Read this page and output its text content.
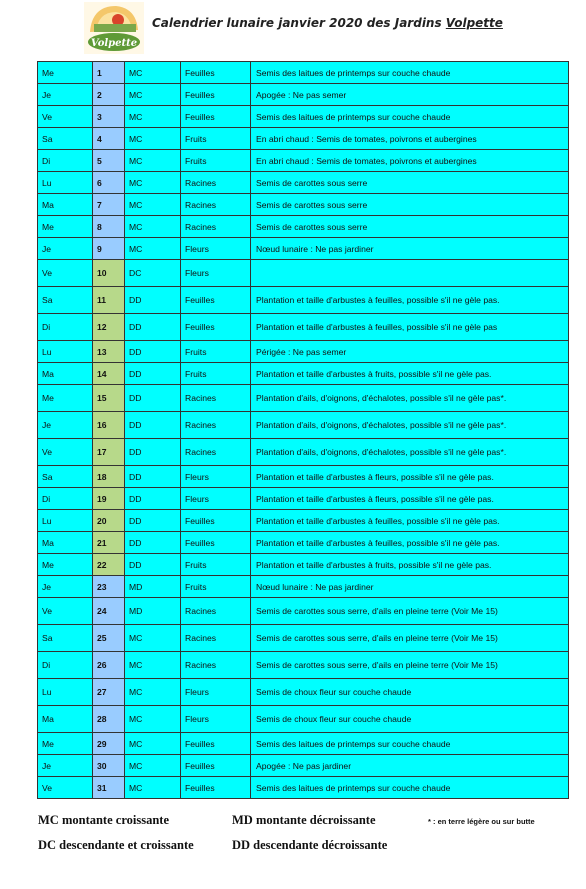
Volpette
Calendrier lunaire janvier 2020 des Jardins Volpette
Me	1	MC	Feuilles	Semis des laitues de printemps sur couche chaude
Je	2	MC	Feuilles	Apogée : Ne pas semer
Ve	3	MC	Feuilles	Semis des laitues de printemps sur couche chaude
Sa	4	MC	Fruits	En abri chaud : Semis de tomates, poivrons et aubergines
Di	5	MC	Fruits	En abri chaud : Semis de tomates, poivrons et aubergines
Lu	6	MC	Racines	Semis de carottes sous serre
Ma	7	MC	Racines	Semis de carottes sous serre
Me	8	MC	Racines	Semis de carottes sous serre
Je	9	MC	Fleurs	Nœud lunaire : Ne pas jardiner
Ve	10	DC	Fleurs	
Sa	11	DD	Feuilles	Plantation et taille d'arbustes à feuilles, possible s'il ne gèle pas.
Di	12	DD	Feuilles	Plantation et taille d'arbustes à feuilles, possible s'il ne gèle pas
Lu	13	DD	Fruits	Périgée : Ne pas semer
Ma	14	DD	Fruits	Plantation et taille d'arbustes à fruits, possible s'il ne gèle pas.
Me	15	DD	Racines	Plantation d'ails, d'oignons, d'échalotes, possible s'il ne gèle pas*.
Je	16	DD	Racines	Plantation d'ails, d'oignons, d'échalotes, possible s'il ne gèle pas*.
Ve	17	DD	Racines	Plantation d'ails, d'oignons, d'échalotes, possible s'il ne gèle pas*.
Sa	18	DD	Fleurs	Plantation et taille d'arbustes à fleurs, possible s'il ne gèle pas.
Di	19	DD	Fleurs	Plantation et taille d'arbustes à fleurs, possible s'il ne gèle pas.
Lu	20	DD	Feuilles	Plantation et taille d'arbustes à feuilles, possible s'il ne gèle pas.
Ma	21	DD	Feuilles	Plantation et taille d'arbustes à feuilles, possible s'il ne gèle pas.
Me	22	DD	Fruits	Plantation et taille d'arbustes à fruits, possible s'il ne gèle pas.
Je	23	MD	Fruits	Nœud lunaire : Ne pas jardiner
Ve	24	MD	Racines	Semis de carottes sous serre, d'ails en pleine terre (Voir Me 15)
Sa	25	MC	Racines	Semis de carottes sous serre, d'ails en pleine terre (Voir Me 15)
Di	26	MC	Racines	Semis de carottes sous serre, d'ails en pleine terre (Voir Me 15)
Lu	27	MC	Fleurs	Semis de choux fleur sur couche chaude
Ma	28	MC	Fleurs	Semis de choux fleur sur couche chaude
Me	29	MC	Feuilles	Semis des laitues de printemps sur couche chaude
Je	30	MC	Feuilles	Apogée : Ne pas jardiner
Ve	31	MC	Feuilles	Semis des laitues de printemps sur couche chaude
MC montante croissante	MD montante décroissante	* : en terre légère ou sur butte
DC descendante et croissante	DD descendante décroissante
